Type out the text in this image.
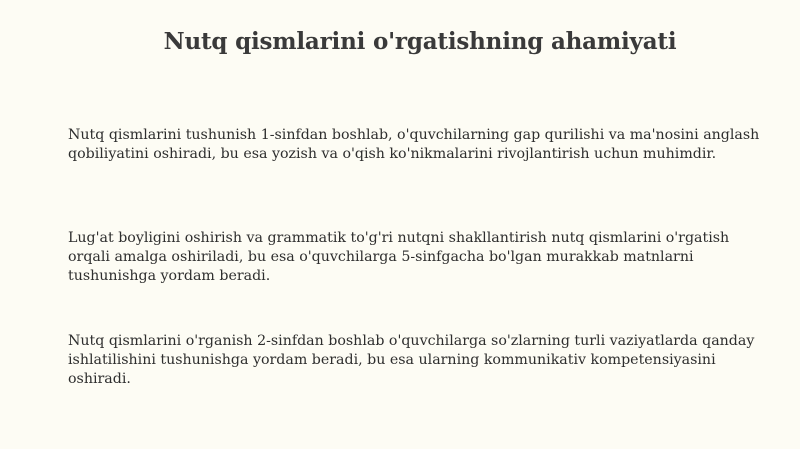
Nutq qismlarini o'rgatishning ahamiyati

Nutq qismlarini tushunish 1-sinfdan boshlab, o'quvchilarning gap qurilishi va ma'nosini anglash qobiliyatini oshiradi, bu esa yozish va o'qish ko'nikmalarini rivojlantirish uchun muhimdir.

Lug'at boyligini oshirish va grammatik to'g'ri nutqni shakllantirish nutq qismlarini o'rgatish orqali amalga oshiriladi, bu esa o'quvchilarga 5-sinfgacha bo'lgan murakkab matnlarni tushunishga yordam beradi.

Nutq qismlarini o'rganish 2-sinfdan boshlab o'quvchilarga so'zlarning turli vaziyatlarda qanday ishlatilishini tushunishga yordam beradi, bu esa ularning kommunikativ kompetensiyasini oshiradi.
